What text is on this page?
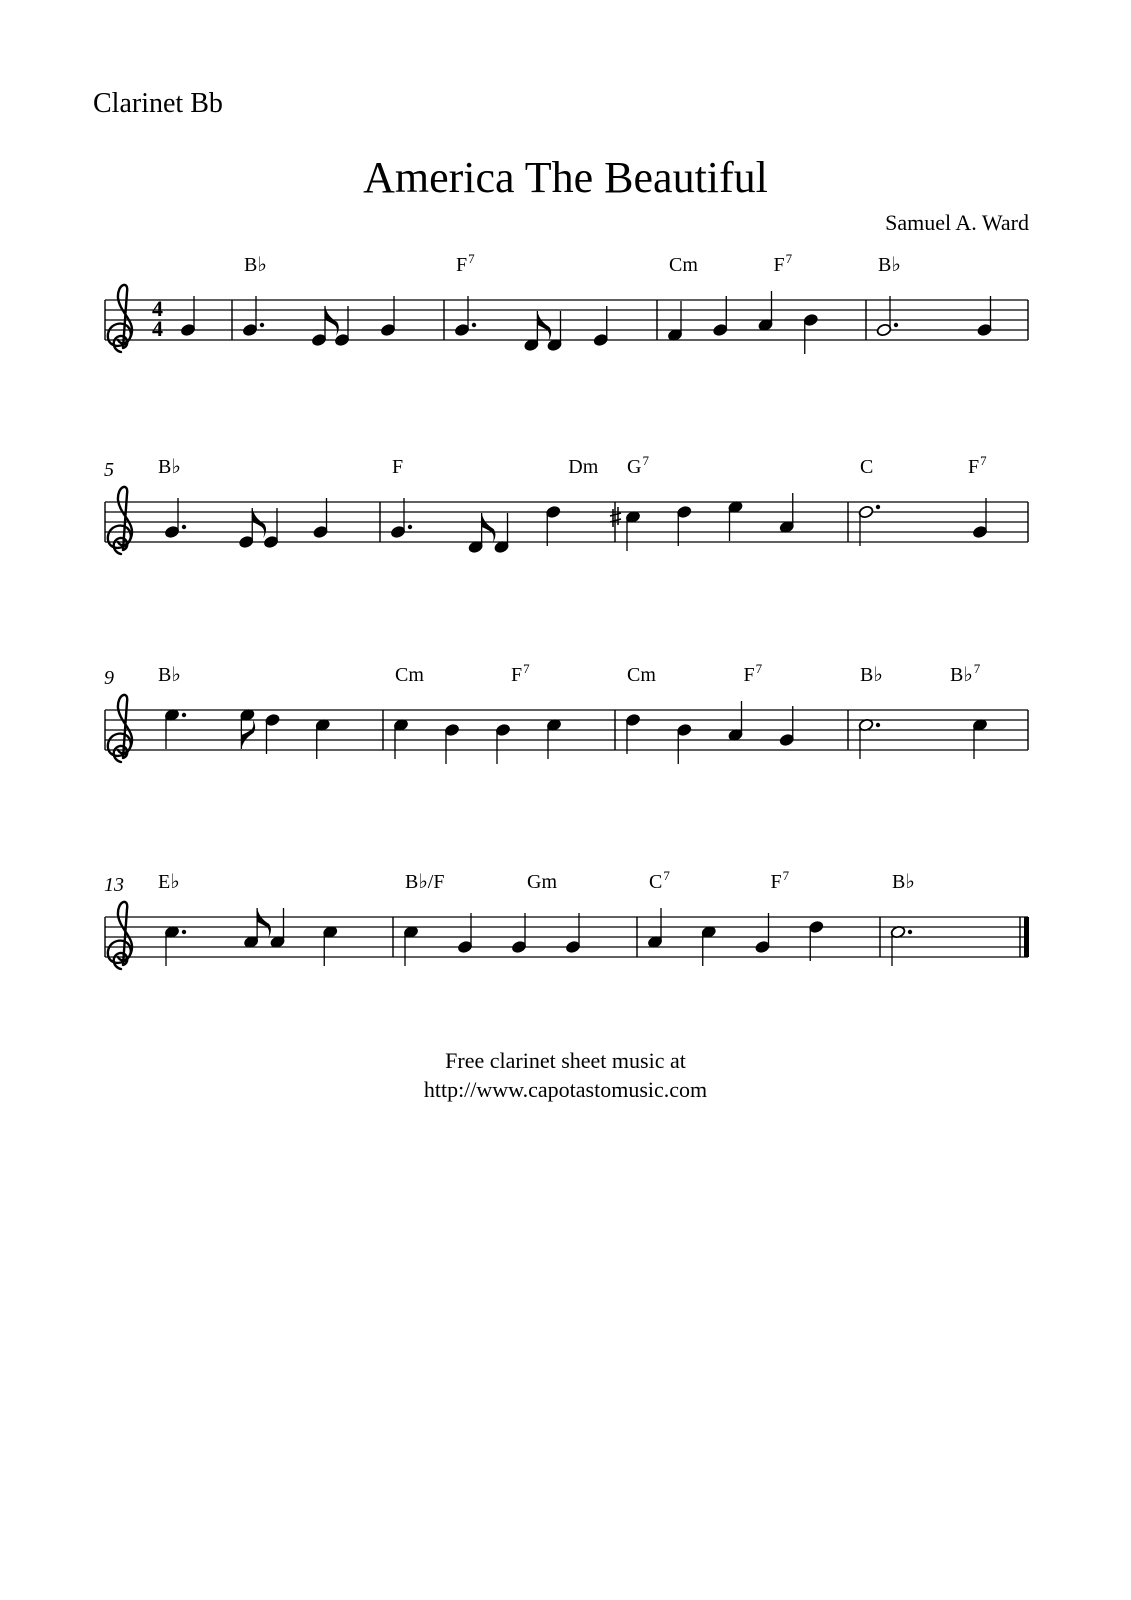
Clarinet Bb
America The Beautiful
Samuel A. Ward
4
4
B♭	$F^7$	Cm	$F^7$	B♭
5 B♭	F	Dm $G^7$	C	$F^7$
9 B♭	Cm	$F^7$	Cm	$F^7$	B♭	B♭$^7$
13 E♭	B♭/F	Gm	$C^7$	$F^7$	B♭
Free clarinet sheet music at
http://www.capotastomusic.com
